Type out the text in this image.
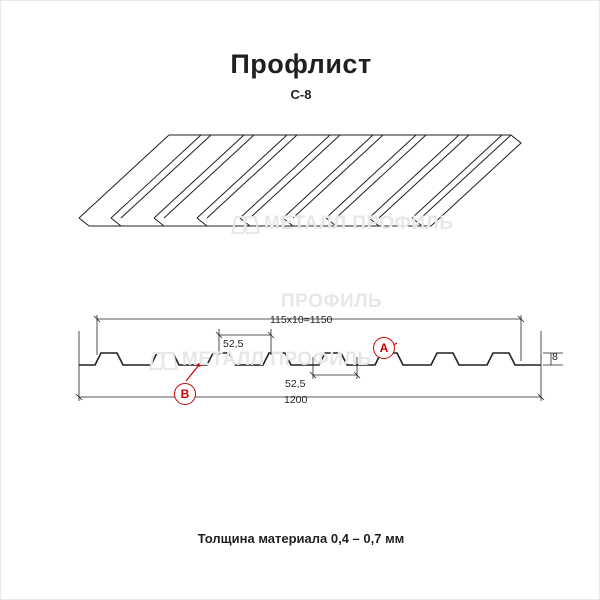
Профлист
С-8
115х10=1150
52,5
52,5
1200
8
A
B
МЕТАЛЛ ПРОФИЛЬ
ПРОФИЛЬ
МЕТАЛЛ ПРОФИЛЬ
Толщина материала 0,4 – 0,7 мм
